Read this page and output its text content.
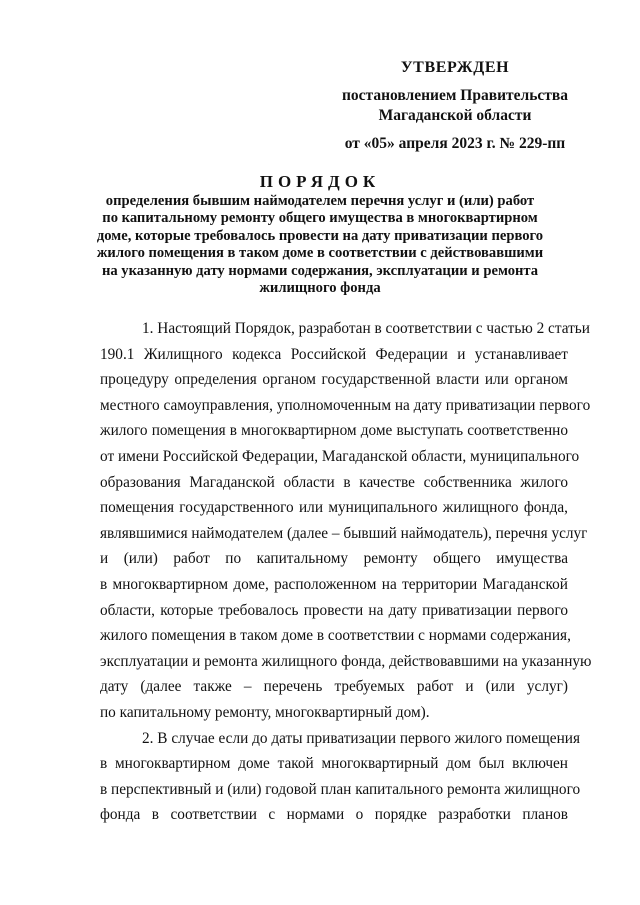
УТВЕРЖДЕН
постановлением Правительства
Магаданской области
от «05» апреля 2023 г. № 229-пп
ПОРЯДОК
определения бывшим наймодателем перечня услуг и (или) работ
по капитальному ремонту общего имущества в многоквартирном
доме, которые требовалось провести на дату приватизации первого
жилого помещения в таком доме в соответствии с действовавшими
на указанную дату нормами содержания, эксплуатации и ремонта
жилищного фонда
1. Настоящий Порядок, разработан в соответствии с частью 2 статьи
190.1 Жилищного кодекса Российской Федерации и устанавливает
процедуру определения органом государственной власти или органом
местного самоуправления, уполномоченным на дату приватизации первого
жилого помещения в многоквартирном доме выступать соответственно
от имени Российской Федерации, Магаданской области, муниципального
образования Магаданской области в качестве собственника жилого
помещения государственного или муниципального жилищного фонда,
являвшимися наймодателем (далее – бывший наймодатель), перечня услуг
и (или) работ по капитальному ремонту общего имущества
в многоквартирном доме, расположенном на территории Магаданской
области, которые требовалось провести на дату приватизации первого
жилого помещения в таком доме в соответствии с нормами содержания,
эксплуатации и ремонта жилищного фонда, действовавшими на указанную
дату (далее также – перечень требуемых работ и (или услуг)
по капитальному ремонту, многоквартирный дом).
2. В случае если до даты приватизации первого жилого помещения
в многоквартирном доме такой многоквартирный дом был включен
в перспективный и (или) годовой план капитального ремонта жилищного
фонда в соответствии с нормами о порядке разработки планов
